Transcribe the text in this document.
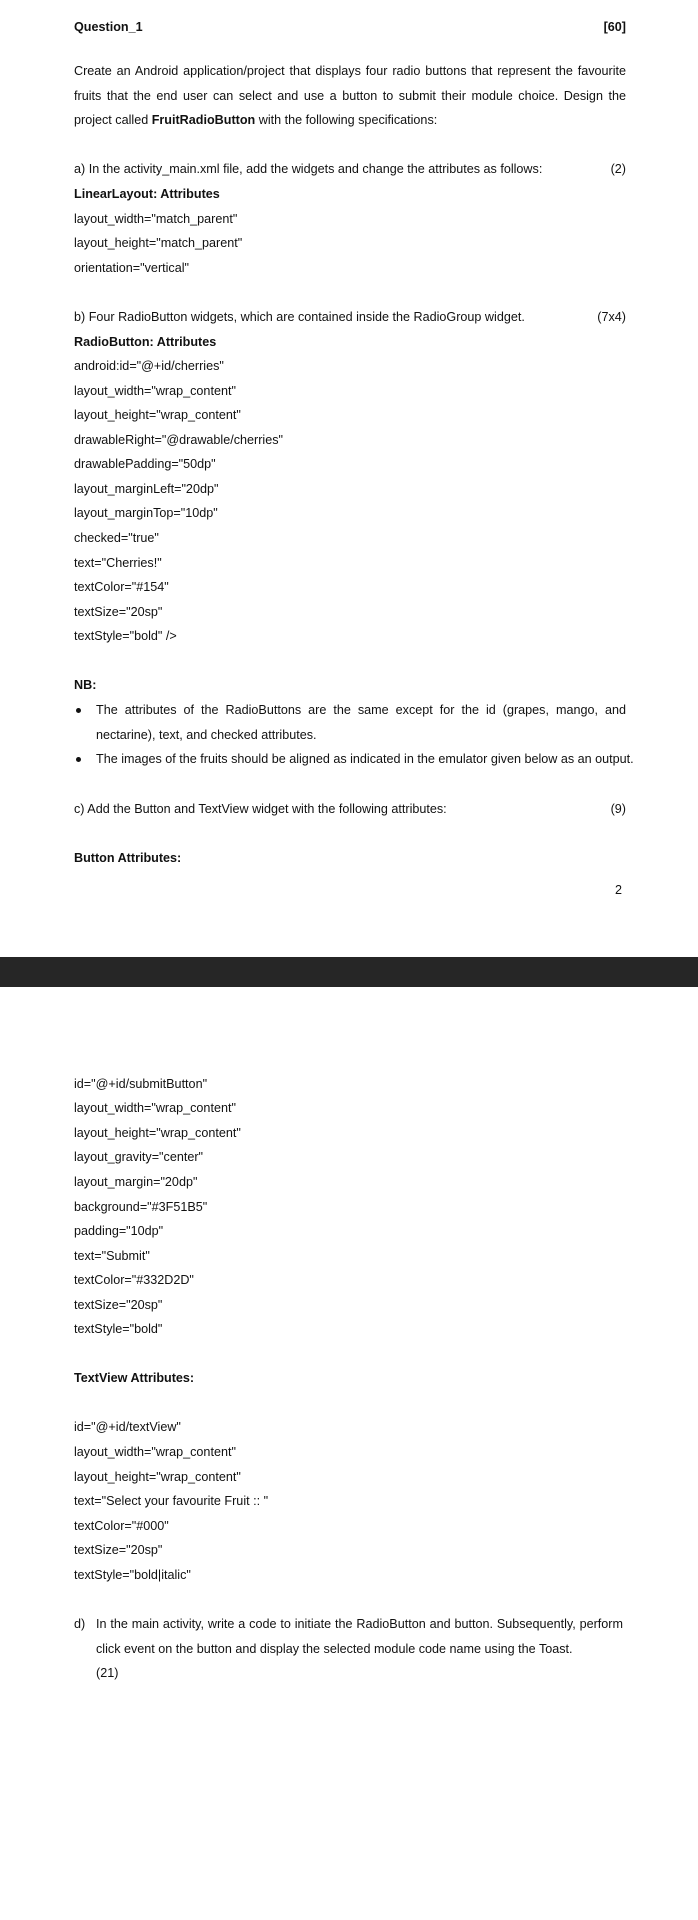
Question_1	[60]
Create an Android application/project that displays four radio buttons that represent the favourite fruits that the end user can select and use a button to submit their module choice. Design the project called FruitRadioButton with the following specifications:
a) In the activity_main.xml file, add the widgets and change the attributes as follows:	(2)
LinearLayout: Attributes
layout_width="match_parent"
layout_height="match_parent"
orientation="vertical"
b) Four RadioButton widgets, which are contained inside the RadioGroup widget.	(7x4)
RadioButton: Attributes
android:id="@+id/cherries"
layout_width="wrap_content"
layout_height="wrap_content"
drawableRight="@drawable/cherries"
drawablePadding="50dp"
layout_marginLeft="20dp"
layout_marginTop="10dp"
checked="true"
text="Cherries!"
textColor="#154"
textSize="20sp"
textStyle="bold" />
NB:
The attributes of the RadioButtons are the same except for the id (grapes, mango, and nectarine), text, and checked attributes.
The images of the fruits should be aligned as indicated in the emulator given below as an output.
c) Add the Button and TextView widget with the following attributes:	(9)
Button Attributes:
2
id="@+id/submitButton"
layout_width="wrap_content"
layout_height="wrap_content"
layout_gravity="center"
layout_margin="20dp"
background="#3F51B5"
padding="10dp"
text="Submit"
textColor="#332D2D"
textSize="20sp"
textStyle="bold"
TextView Attributes:
id="@+id/textView"
layout_width="wrap_content"
layout_height="wrap_content"
text="Select your favourite Fruit :: "
textColor="#000"
textSize="20sp"
textStyle="bold|italic"
d) In the main activity, write a code to initiate the RadioButton and button. Subsequently, perform click event on the button and display the selected module code name using the Toast.
(21)
